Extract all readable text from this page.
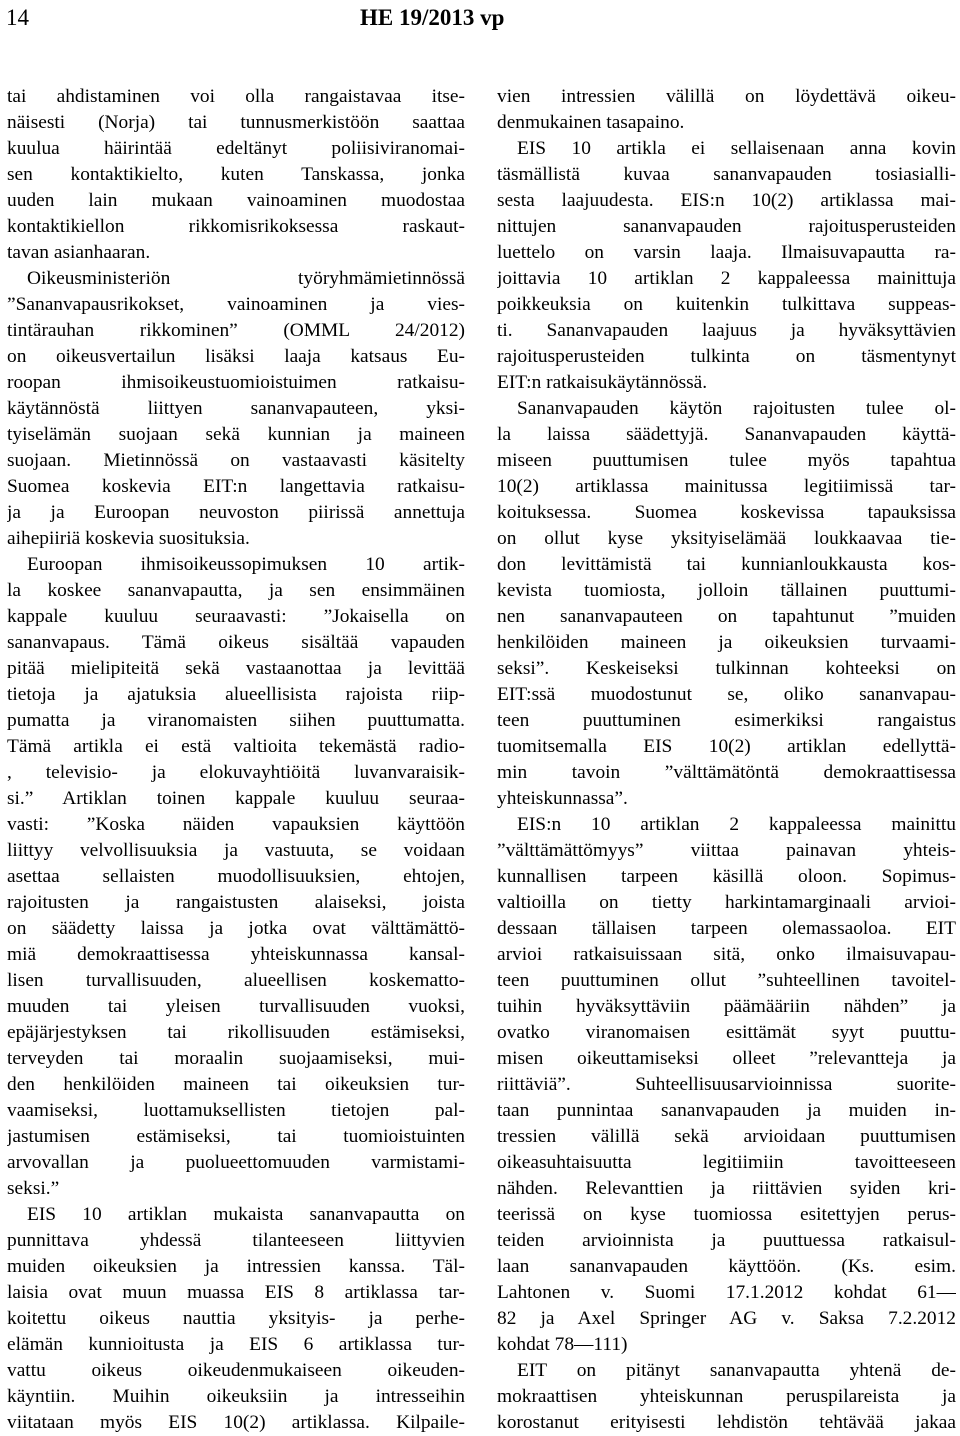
14	HE 19/2013 vp
tai ahdistaminen voi olla rangaistavaa itse-
näisesti (Norja) tai tunnusmerkistöön saattaa
kuulua häirintää edeltänyt poliisiviranomai-
sen kontaktikielto, kuten Tanskassa, jonka
uuden lain mukaan vainoaminen muodostaa
kontaktikiellon rikkomisrikoksessa raskaut-
tavan asianhaaran.
Oikeusministeriön työryhmämietinnössä
”Sananvapausrikokset, vainoaminen ja vies-
tintärauhan rikkominen” (OMML 24/2012)
on oikeusvertailun lisäksi laaja katsaus Eu-
roopan ihmisoikeustuomioistuimen ratkaisu-
käytännöstä liittyen sananvapauteen, yksi-
tyiselämän suojaan sekä kunnian ja maineen
suojaan. Mietinnössä on vastaavasti käsitelty
Suomea koskevia EIT:n langettavia ratkaisu-
ja ja Euroopan neuvoston piirissä annettuja
aihepiiriä koskevia suosituksia.
Euroopan ihmisoikeussopimuksen 10 artik-
la koskee sananvapautta, ja sen ensimmäinen
kappale kuuluu seuraavasti: ”Jokaisella on
sananvapaus. Tämä oikeus sisältää vapauden
pitää mielipiteitä sekä vastaanottaa ja levittää
tietoja ja ajatuksia alueellisista rajoista riip-
pumatta ja viranomaisten siihen puuttumatta.
Tämä artikla ei estä valtioita tekemästä radio-
, televisio- ja elokuvayhtiöitä luvanvaraisik-
si.” Artiklan toinen kappale kuuluu seuraa-
vasti: ”Koska näiden vapauksien käyttöön
liittyy velvollisuuksia ja vastuuta, se voidaan
asettaa sellaisten muodollisuuksien, ehtojen,
rajoitusten ja rangaistusten alaiseksi, joista
on säädetty laissa ja jotka ovat välttämättö-
miä demokraattisessa yhteiskunnassa kansal-
lisen turvallisuuden, alueellisen koskematto-
muuden tai yleisen turvallisuuden vuoksi,
epäjärjestyksen tai rikollisuuden estämiseksi,
terveyden tai moraalin suojaamiseksi, mui-
den henkilöiden maineen tai oikeuksien tur-
vaamiseksi, luottamuksellisten tietojen pal-
jastumisen estämiseksi, tai tuomioistuinten
arvovallan ja puolueettomuuden varmistami-
seksi.”
EIS 10 artiklan mukaista sananvapautta on
punnittava yhdessä tilanteeseen liittyvien
muiden oikeuksien ja intressien kanssa. Täl-
laisia ovat muun muassa EIS 8 artiklassa tar-
koitettu oikeus nauttia yksityis- ja perhe-
elämän kunnioitusta ja EIS 6 artiklassa tur-
vattu oikeus oikeudenmukaiseen oikeuden-
käyntiin. Muihin oikeuksiin ja intresseihin
viitataan myös EIS 10(2) artiklassa. Kilpaile-
vien intressien välillä on löydettävä oikeu-
denmukainen tasapaino.
EIS 10 artikla ei sellaisenaan anna kovin
täsmällistä kuvaa sananvapauden tosiasialli-
sesta laajuudesta. EIS:n 10(2) artiklassa mai-
nittujen sananvapauden rajoitusperusteiden
luettelo on varsin laaja. Ilmaisuvapautta ra-
joittavia 10 artiklan 2 kappaleessa mainittuja
poikkeuksia on kuitenkin tulkittava suppeas-
ti. Sananvapauden laajuus ja hyväksyttävien
rajoitusperusteiden tulkinta on täsmentynyt
EIT:n ratkaisukäytännössä.
Sananvapauden käytön rajoitusten tulee ol-
la laissa säädettyjä. Sananvapauden käyttä-
miseen puuttumisen tulee myös tapahtua
10(2) artiklassa mainitussa legitiimissä tar-
koituksessa. Suomea koskevissa tapauksissa
on ollut kyse yksityiselämää loukkaavaa tie-
don levittämistä tai kunnianloukkausta kos-
kevista tuomiosta, jolloin tällainen puuttumi-
nen sananvapauteen on tapahtunut ”muiden
henkilöiden maineen ja oikeuksien turvaami-
seksi”. Keskeiseksi tulkinnan kohteeksi on
EIT:ssä muodostunut se, oliko sananvapau-
teen puuttuminen esimerkiksi rangaistus
tuomitsemalla EIS 10(2) artiklan edellyttä-
min tavoin ”välttämätöntä demokraattisessa
yhteiskunnassa”.
EIS:n 10 artiklan 2 kappaleessa mainittu
”välttämättömyys” viittaa painavan yhteis-
kunnallisen tarpeen käsillä oloon. Sopimus-
valtioilla on tietty harkintamarginaali arvioi-
dessaan tällaisen tarpeen olemassaoloa. EIT
arvioi ratkaisuissaan sitä, onko ilmaisuvapau-
teen puuttuminen ollut ”suhteellinen tavoitel-
tuihin hyväksyttäviin päämääriin nähden” ja
ovatko viranomaisen esittämät syyt puuttu-
misen oikeuttamiseksi olleet ”relevantteja ja
riittäviä”. Suhteellisuusarvioinnissa suorite-
taan punnintaa sananvapauden ja muiden in-
tressien välillä sekä arvioidaan puuttumisen
oikeasuhtaisuutta legitiimiin tavoitteeseen
nähden. Relevanttien ja riittävien syiden kri-
teerissä on kyse tuomiossa esitettyjen perus-
teiden arvioinnista ja puuttuessa ratkaisul-
laan sananvapauden käyttöön. (Ks. esim.
Lahtonen v. Suomi 17.1.2012 kohdat 61—
82 ja Axel Springer AG v. Saksa 7.2.2012
kohdat 78—111)
EIT on pitänyt sananvapautta yhtenä de-
mokraattisen yhteiskunnan peruspilareista ja
korostanut erityisesti lehdistön tehtävää jakaa
